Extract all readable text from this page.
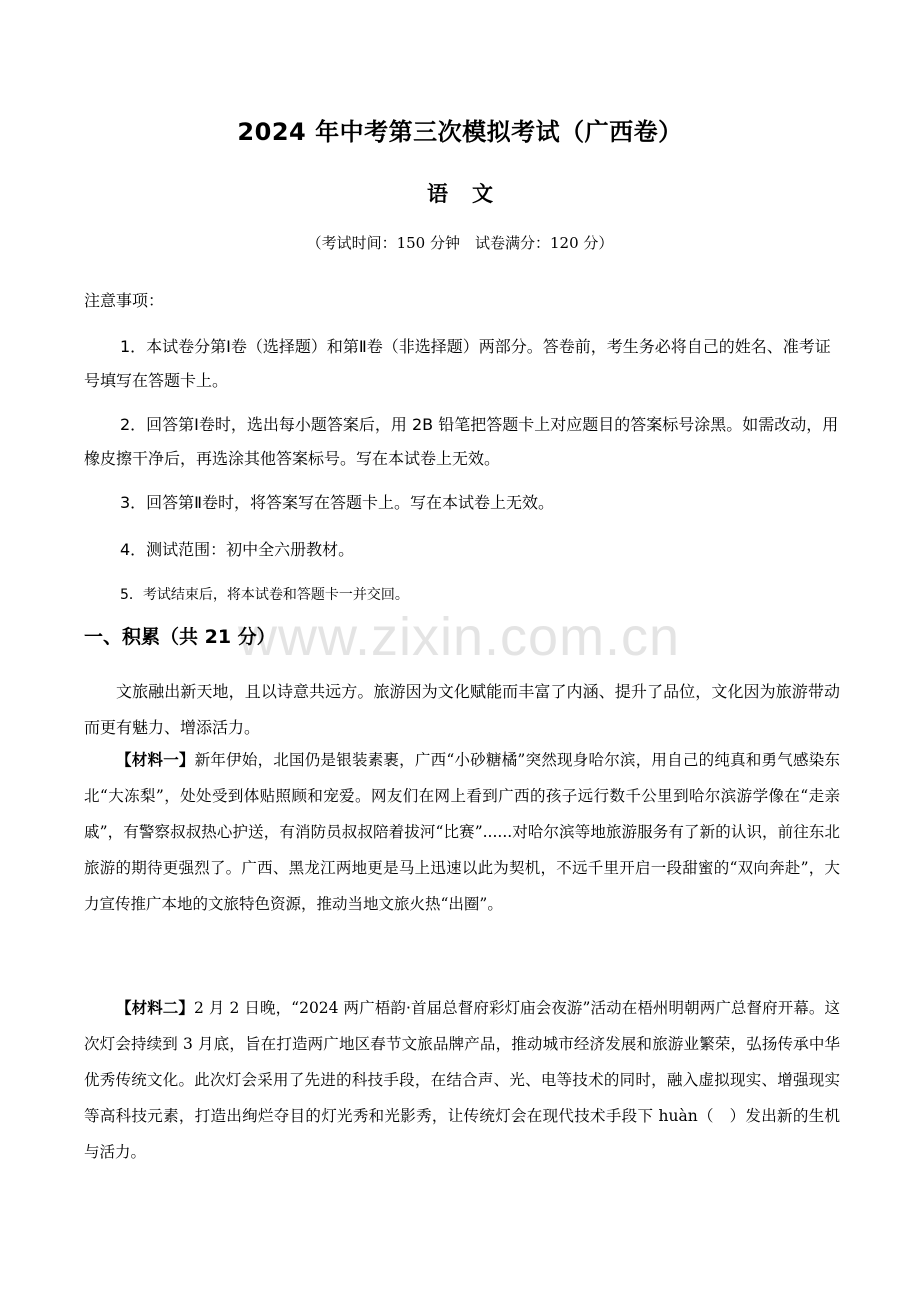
2024 年中考第三次模拟考试（广西卷）
语文
（考试时间：150 分钟　试卷满分：120 分）
注意事项：
1．本试卷分第Ⅰ卷（选择题）和第Ⅱ卷（非选择题）两部分。答卷前，考生务必将自己的姓名、准考证号填写在答题卡上。
2．回答第Ⅰ卷时，选出每小题答案后，用 2B 铅笔把答题卡上对应题目的答案标号涂黑。如需改动，用橡皮擦干净后，再选涂其他答案标号。写在本试卷上无效。
3．回答第Ⅱ卷时，将答案写在答题卡上。写在本试卷上无效。
4．测试范围：初中全六册教材。
5．考试结束后，将本试卷和答题卡一并交回。
www.zixin.com.cn
一、积累（共 21 分）
文旅融出新天地，且以诗意共远方。旅游因为文化赋能而丰富了内涵、提升了品位，文化因为旅游带动而更有魅力、增添活力。
【材料一】新年伊始，北国仍是银装素裹，广西“小砂糖橘”突然现身哈尔滨，用自己的纯真和勇气感染东北“大冻梨”，处处受到体贴照顾和宠爱。网友们在网上看到广西的孩子远行数千公里到哈尔滨游学像在“走亲戚”，有警察叔叔热心护送，有消防员叔叔陪着拔河“比赛”......对哈尔滨等地旅游服务有了新的认识，前往东北旅游的期待更强烈了。广西、黑龙江两地更是马上迅速以此为契机，不远千里开启一段甜蜜的“双向奔赴”，大力宣传推广本地的文旅特色资源，推动当地文旅火热“出圈”。
【材料二】2 月 2 日晚，“2024 两广梧韵·首届总督府彩灯庙会夜游”活动在梧州明朝两广总督府开幕。这次灯会持续到 3 月底，旨在打造两广地区春节文旅品牌产品，推动城市经济发展和旅游业繁荣，弘扬传承中华优秀传统文化。此次灯会采用了先进的科技手段，在结合声、光、电等技术的同时，融入虚拟现实、增强现实等高科技元素，打造出绚烂夺目的灯光秀和光影秀，让传统灯会在现代技术手段下 huàn（　）发出新的生机与活力。
